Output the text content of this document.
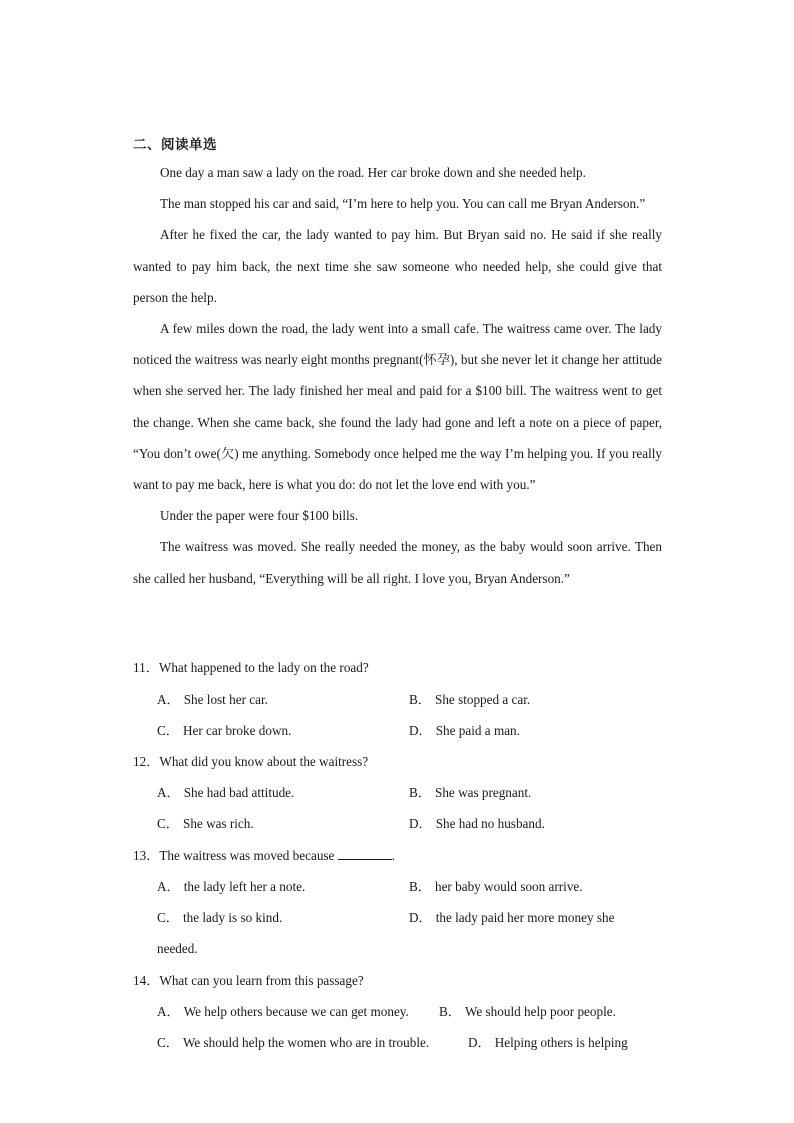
二、阅读单选

One day a man saw a lady on the road. Her car broke down and she needed help.

The man stopped his car and said, “I’m here to help you. You can call me Bryan Anderson.”

After he fixed the car, the lady wanted to pay him. But Bryan said no. He said if she really wanted to pay him back, the next time she saw someone who needed help, she could give that person the help.

A few miles down the road, the lady went into a small cafe. The waitress came over. The lady noticed the waitress was nearly eight months pregnant(怀孕), but she never let it change her attitude when she served her. The lady finished her meal and paid for a $100 bill. The waitress went to get the change. When she came back, she found the lady had gone and left a note on a piece of paper, “You don’t owe(欠) me anything. Somebody once helped me the way I’m helping you. If you really want to pay me back, here is what you do: do not let the love end with you.”

Under the paper were four $100 bills.

The waitress was moved. She really needed the money, as the baby would soon arrive. Then she called her husband, “Everything will be all right. I love you, Bryan Anderson.”

11．What happened to the lady on the road?
A． She lost her car.	B． She stopped a car.
C． Her car broke down.	D． She paid a man.
12．What did you know about the waitress?
A． She had bad attitude.	B． She was pregnant.
C． She was rich.	D． She had no husband.
13．The waitress was moved because	.
A． the lady left her a note.	B． her baby would soon arrive.
C． the lady is so kind.	D． the lady paid her more money she
needed.
14．What can you learn from this passage?
A． We help others because we can get money. B． We should help poor people.
C． We should help the women who are in trouble.	D． Helping others is helping
